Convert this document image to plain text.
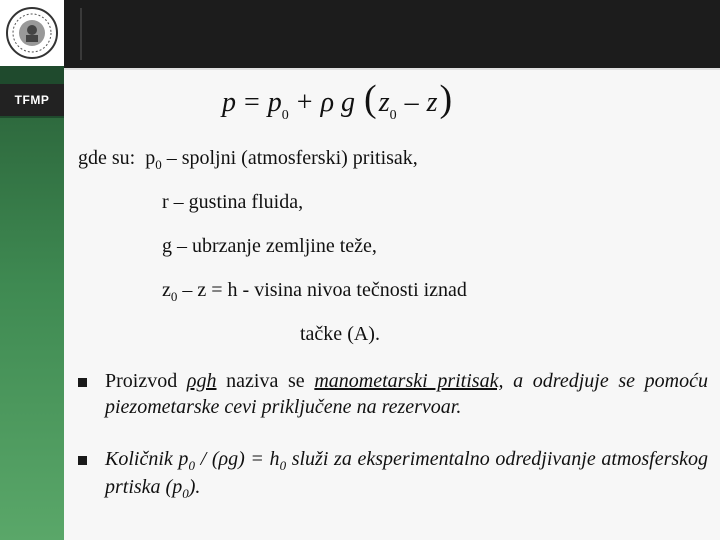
TFMP	p = p 0 + ρ
g
( z 0 – z )
gde su: $p_0$ – spoljni (atmosferski) pritisak,
r – gustina fluida,
g – ubrzanje zemljine teže,
$z_0 - z = h - visina$ nivoa tečnosti iznad
tačke (A).
Proizvod ρgh naziva se manometarski pritisak, a odredjuje se pomoću piezometarske cevi priključene na rezervoar.
Količnik $p_0 / (\rho g) = h_0$ služi za eksperimentalno odredjivanje atmosferskog prtiska $(p_0)$.
